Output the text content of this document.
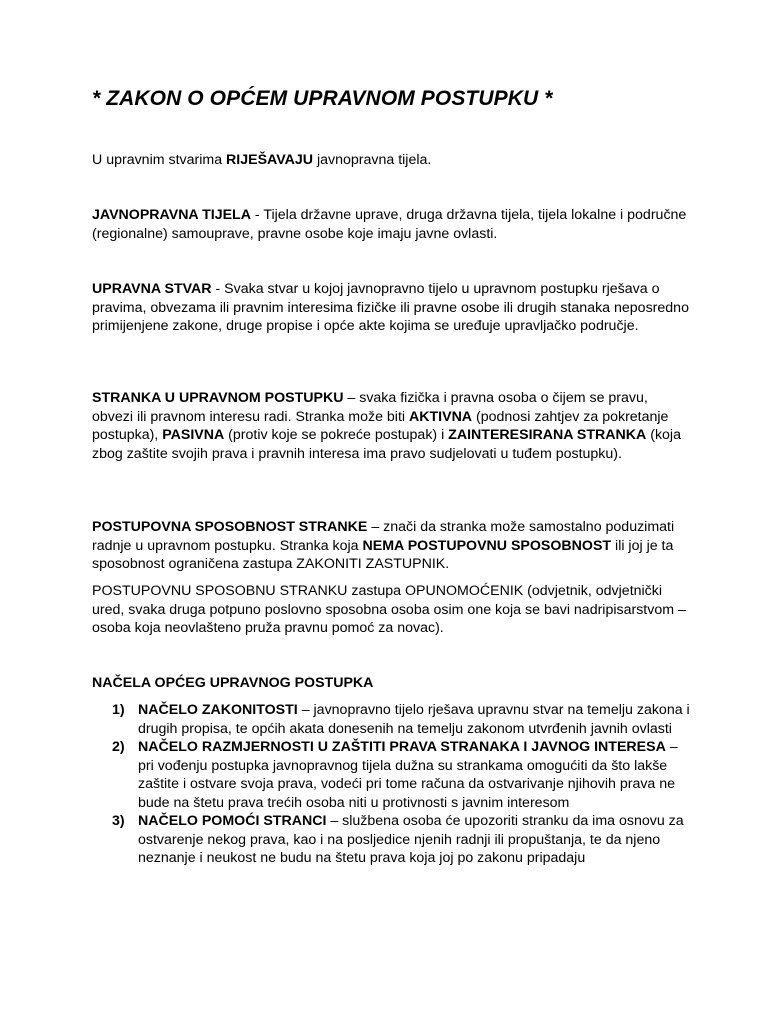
* ZAKON O OPĆEM UPRAVNOM POSTUPKU *
U upravnim stvarima RIJEŠAVAJU javnopravna tijela.
JAVNOPRAVNA TIJELA - Tijela državne uprave, druga državna tijela, tijela lokalne i područne (regionalne) samouprave, pravne osobe koje imaju javne ovlasti.
UPRAVNA STVAR - Svaka stvar u kojoj javnopravno tijelo u upravnom postupku rješava o pravima, obvezama ili pravnim interesima fizičke ili pravne osobe ili drugih stanaka neposredno primijenjene zakone, druge propise i opće akte kojima se uređuje upravljačko područje.
STRANKA U UPRAVNOM POSTUPKU – svaka fizička i pravna osoba o čijem se pravu, obvezi ili pravnom interesu radi. Stranka može biti AKTIVNA (podnosi zahtjev za pokretanje postupka), PASIVNA (protiv koje se pokreće postupak) i ZAINTERESIRANA STRANKA (koja zbog zaštite svojih prava i pravnih interesa ima pravo sudjelovati u tuđem postupku).
POSTUPOVNA SPOSOBNOST STRANKE – znači da stranka može samostalno poduzimati radnje u upravnom postupku. Stranka koja NEMA POSTUPOVNU SPOSOBNOST ili joj je ta sposobnost ograničena zastupa ZAKONITI ZASTUPNIK.
POSTUPOVNU SPOSOBNU STRANKU zastupa OPUNOMOĆENIK (odvjetnik, odvjetnički ured, svaka druga potpuno poslovno sposobna osoba osim one koja se bavi nadripisarstvom – osoba koja neovlašteno pruža pravnu pomoć za novac).
NAČELA OPĆEG UPRAVNOG POSTUPKA
1) NAČELO ZAKONITOSTI – javnopravno tijelo rješava upravnu stvar na temelju zakona i drugih propisa, te općih akata donesenih na temelju zakonom utvrđenih javnih ovlasti
2) NAČELO RAZMJERNOSTI U ZAŠTITI PRAVA STRANAKA I JAVNOG INTERESA – pri vođenju postupka javnopravnog tijela dužna su strankama omogućiti da što lakše zaštite i ostvare svoja prava, vodeći pri tome računa da ostvarivanje njihovih prava ne bude na štetu prava trećih osoba niti u protivnosti s javnim interesom
3) NAČELO POMOĆI STRANCI – službena osoba će upozoriti stranku da ima osnovu za ostvarenje nekog prava, kao i na posljedice njenih radnji ili propuštanja, te da njeno neznanje i neukost ne budu na štetu prava koja joj po zakonu pripadaju
